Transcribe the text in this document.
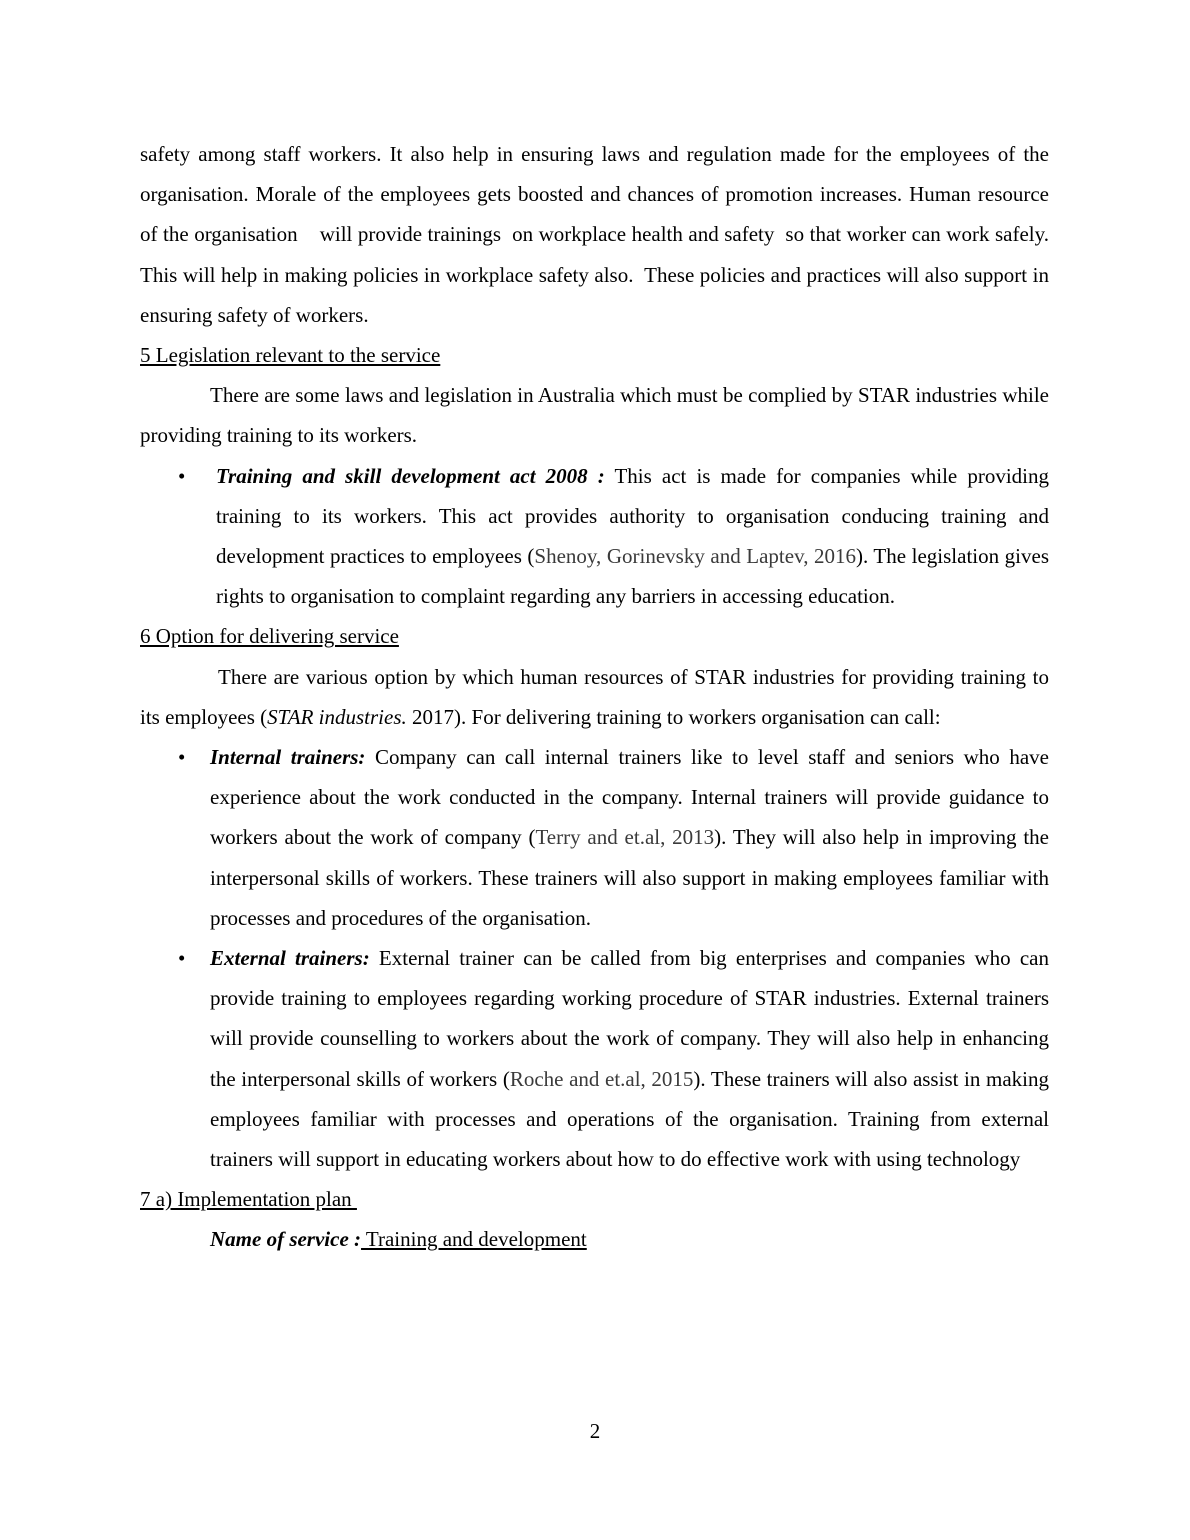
safety among staff workers. It also help in ensuring laws and regulation made for the employees of the organisation. Morale of the employees gets boosted and chances of promotion increases. Human resource of the organisation    will provide trainings  on workplace health and safety  so that worker can work safely.  This will help in making policies in workplace safety also.  These policies and practices will also support in ensuring safety of workers.

5 Legislation relevant to the service

There are some laws and legislation in Australia which must be complied by STAR industries while providing training to its workers.

• Training and skill development act 2008 : This act is made for companies while providing training to its workers. This act provides authority to organisation conducing training and development practices to employees (Shenoy, Gorinevsky and Laptev, 2016). The legislation gives rights to organisation to complaint regarding any barriers in accessing education.

6 Option for delivering service

There are various option by which human resources of STAR industries for providing training to its employees (STAR industries. 2017). For delivering training to workers organisation can call:

• Internal trainers: Company can call internal trainers like to level staff and seniors who have experience about the work conducted in the company. Internal trainers will provide guidance to workers about the work of company (Terry and et.al, 2013). They will also help in improving the interpersonal skills of workers. These trainers will also support in making employees familiar with processes and procedures of the organisation.
• External trainers: External trainer can be called from big enterprises and companies who can provide training to employees regarding working procedure of STAR industries. External trainers will provide counselling to workers about the work of company. They will also help in enhancing the interpersonal skills of workers (Roche and et.al, 2015). These trainers will also assist in making employees familiar with processes and operations of the organisation. Training from external trainers will support in educating workers about how to do effective work with using technology

7 a) Implementation plan

Name of service : Training and development

2
